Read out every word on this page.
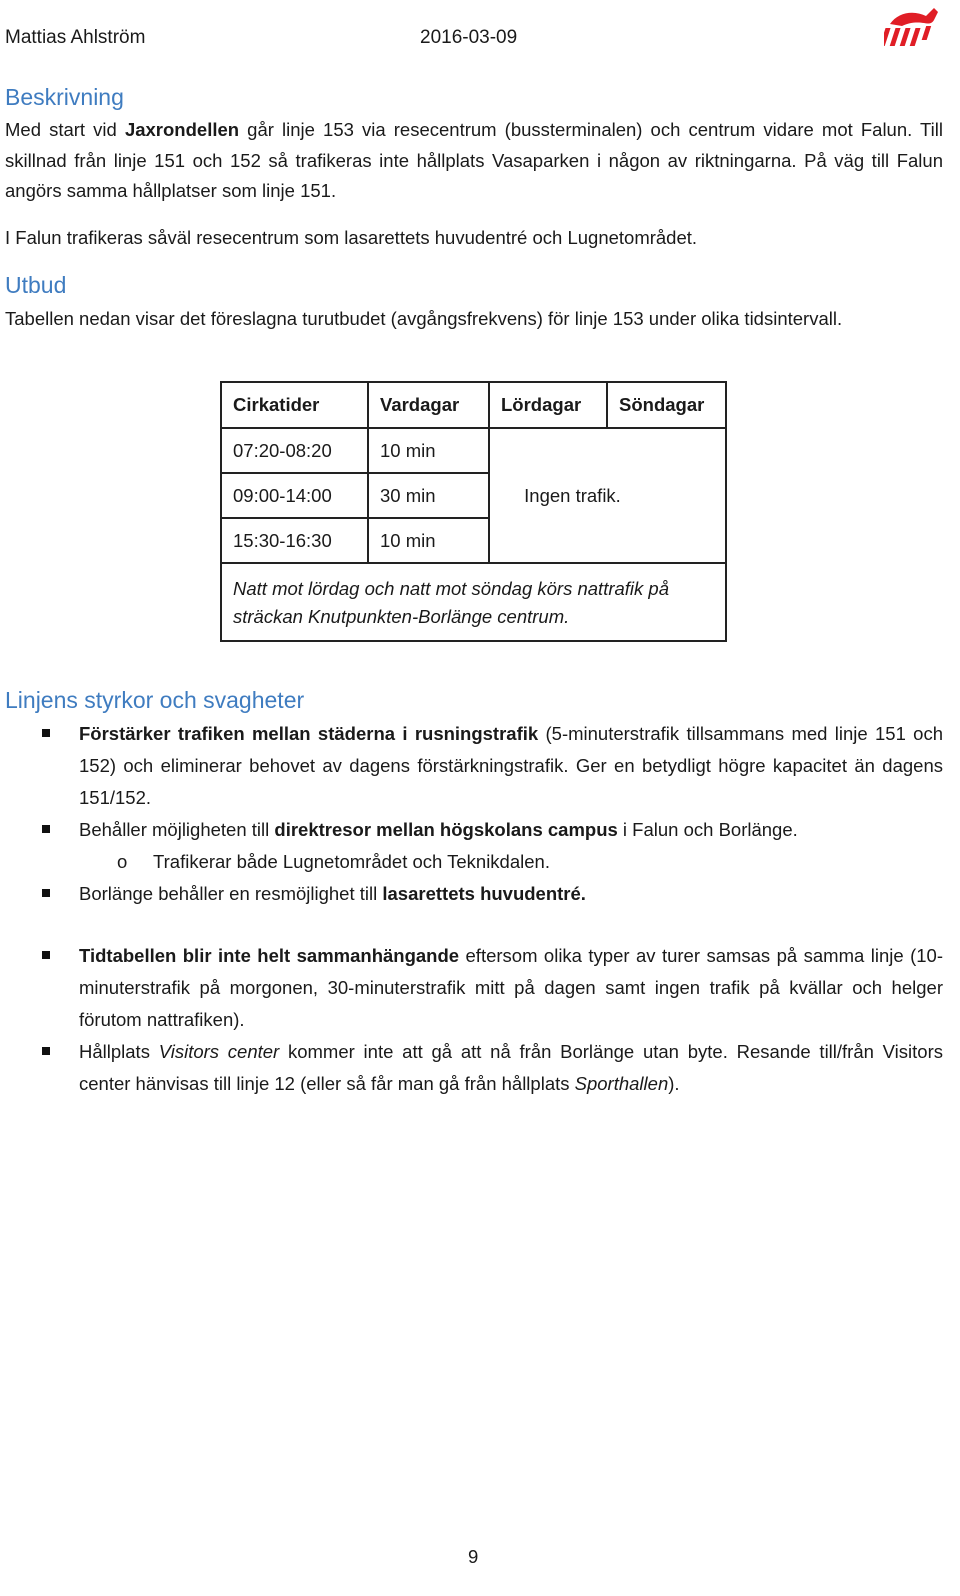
Mattias Ahlström	2016-03-09
Beskrivning
Med start vid Jaxrondellen går linje 153 via resecentrum (bussterminalen) och centrum vidare mot Falun. Till skillnad från linje 151 och 152 så trafikeras inte hållplats Vasaparken i någon av riktningarna. På väg till Falun angörs samma hållplatser som linje 151.
I Falun trafikeras såväl resecentrum som lasarettets huvudentré och Lugnetområdet.
Utbud
Tabellen nedan visar det föreslagna turutbudet (avgångsfrekvens) för linje 153 under olika tidsintervall.
Cirkatider	Vardagar	Lördagar	Söndagar
07:20-08:20	10 min	Ingen trafik.	
09:00-14:00	30 min		
15:30-16:30	10 min		
Natt mot lördag och natt mot söndag körs nattrafik på sträckan Knutpunkten-Borlänge centrum.			
Linjens styrkor och svagheter
Förstärker trafiken mellan städerna i rusningstrafik (5-minuterstrafik tillsammans med linje 151 och 152) och eliminerar behovet av dagens förstärkningstrafik. Ger en betydligt högre kapacitet än dagens 151/152.
Behåller möjligheten till direktresor mellan högskolans campus i Falun och Borlänge.
o Trafikerar både Lugnetområdet och Teknikdalen.
Borlänge behåller en resmöjlighet till lasarettets huvudentré.
Tidtabellen blir inte helt sammanhängande eftersom olika typer av turer samsas på samma linje (10-minuterstrafik på morgonen, 30-minuterstrafik mitt på dagen samt ingen trafik på kvällar och helger förutom nattrafiken).
Hållplats Visitors center kommer inte att gå att nå från Borlänge utan byte. Resande till/från Visitors center hänvisas till linje 12 (eller så får man gå från hållplats Sporthallen).
9
